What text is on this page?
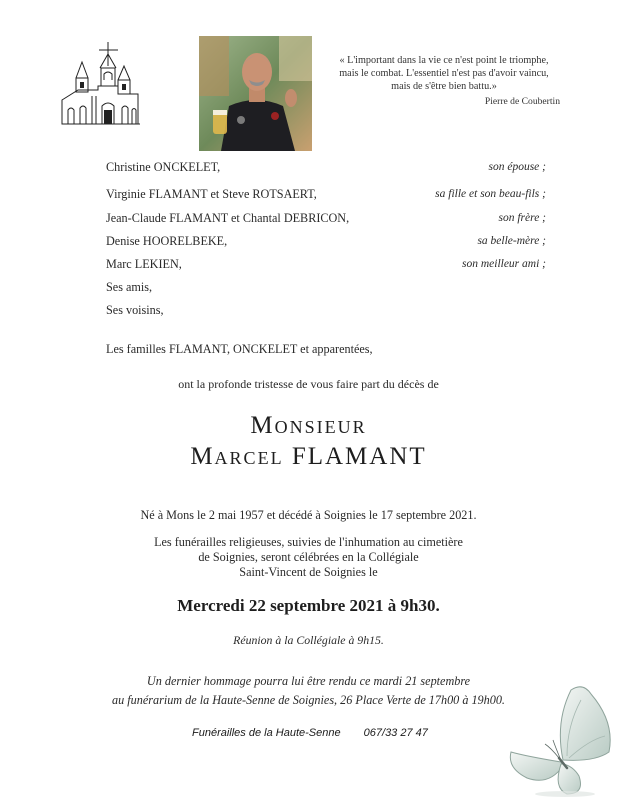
« L'important dans la vie ce n'est point le triomphe,
mais le combat. L'essentiel n'est pas d'avoir vaincu,
mais de s'être bien battu.»
Pierre de Coubertin
Christine ONCKELET,	son épouse ;
Virginie FLAMANT et Steve ROTSAERT,	sa fille et son beau-fils ;
Jean-Claude FLAMANT et Chantal DEBRICON,	son frère ;
Denise HOORELBEKE,	sa belle-mère ;
Marc LEKIEN,	son meilleur ami ;
Ses amis,
Ses voisins,
Les familles FLAMANT, ONCKELET et apparentées,
ont la profonde tristesse de vous faire part du décès de
Monsieur
Marcel FLAMANT
Né à Mons le 2 mai 1957 et décédé à Soignies le 17 septembre 2021.
Les funérailles religieuses, suivies de l'inhumation au cimetière
de Soignies, seront célébrées en la Collégiale
Saint-Vincent de Soignies le
Mercredi 22 septembre 2021 à 9h30.
Réunion à la Collégiale à 9h15.
Un dernier hommage pourra lui être rendu ce mardi 21 septembre
au funérarium de la Haute-Senne de Soignies, 26 Place Verte de 17h00 à 19h00.
Funérailles de la Haute-Senne 067/33 27 47
